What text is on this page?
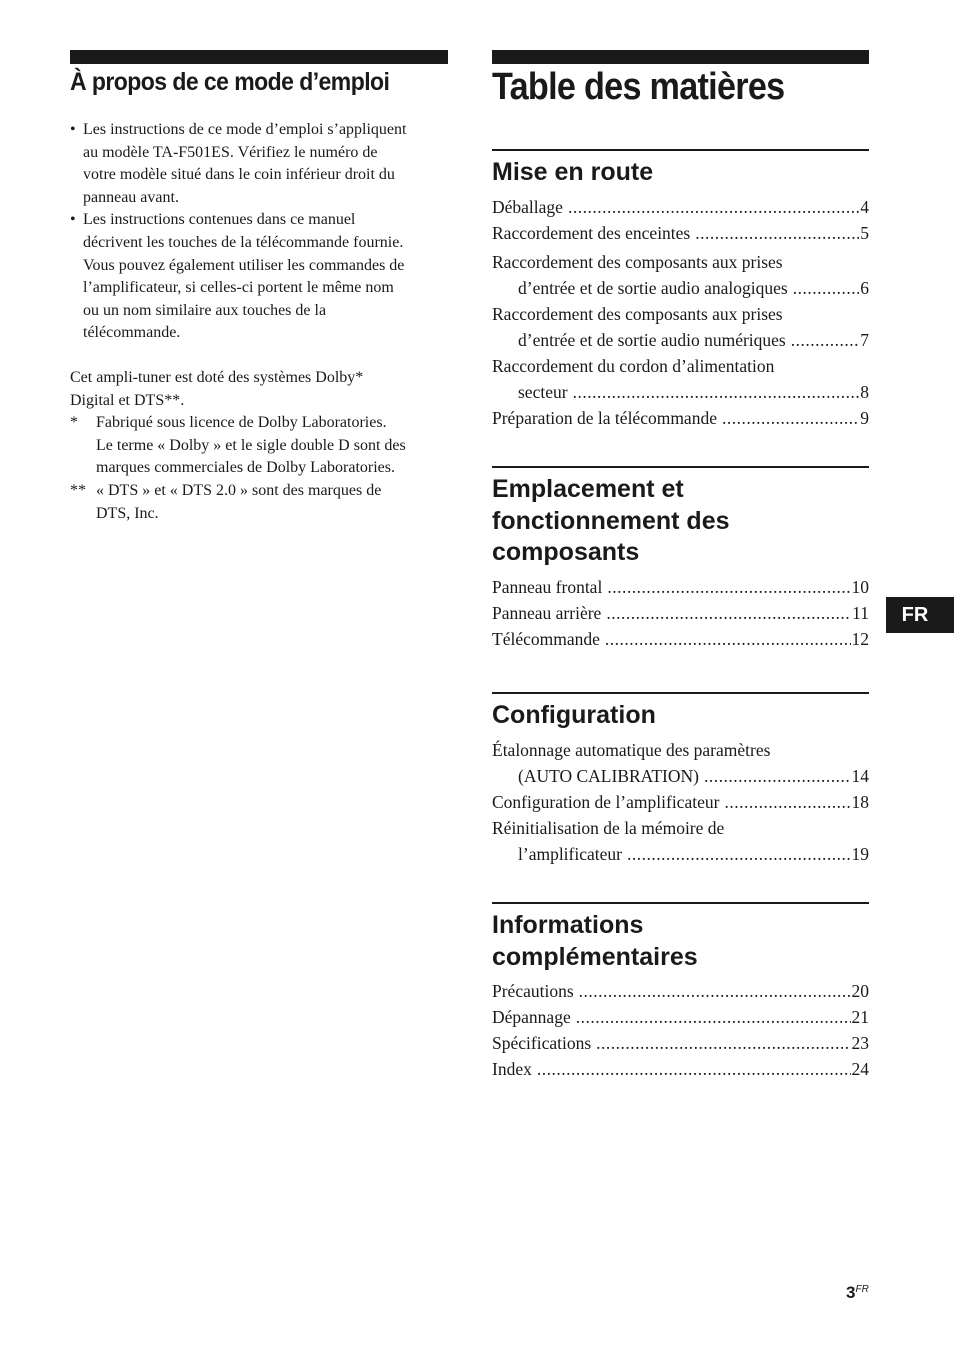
À propos de ce mode d’emploi
• Les instructions de ce mode d’emploi s’appliquent
au modèle TA-F501ES. Vérifiez le numéro de
votre modèle situé dans le coin inférieur droit du
panneau avant.
• Les instructions contenues dans ce manuel
décrivent les touches de la télécommande fournie.
Vous pouvez également utiliser les commandes de
l’amplificateur, si celles-ci portent le même nom
ou un nom similaire aux touches de la
télécommande.
Cet ampli-tuner est doté des systèmes Dolby*
Digital et DTS**.
* Fabriqué sous licence de Dolby Laboratories.
Le terme « Dolby » et le sigle double D sont des
marques commerciales de Dolby Laboratories.
** « DTS » et « DTS 2.0 » sont des marques de
DTS, Inc.
Table des matières
Mise en route
Déballage .....	4
Raccordement des enceintes .....	5
Raccordement des composants aux prises
d’entrée et de sortie audio analogiques .....	6
Raccordement des composants aux prises
d’entrée et de sortie audio numériques .....	7
Raccordement du cordon d’alimentation
secteur .....	8
Préparation de la télécommande .....	9
Emplacement et
fonctionnement des
composants
Panneau frontal .....	10
Panneau arrière .....	11
Télécommande .....	12
Configuration
Étalonnage automatique des paramètres
(AUTO CALIBRATION) .....	14
Configuration de l’amplificateur .....	18
Réinitialisation de la mémoire de
l’amplificateur .....	19
Informations
complémentaires
Précautions .....	20
Dépannage .....	21
Spécifications .....	23
Index .....	24
FR
$3^{FR}$
